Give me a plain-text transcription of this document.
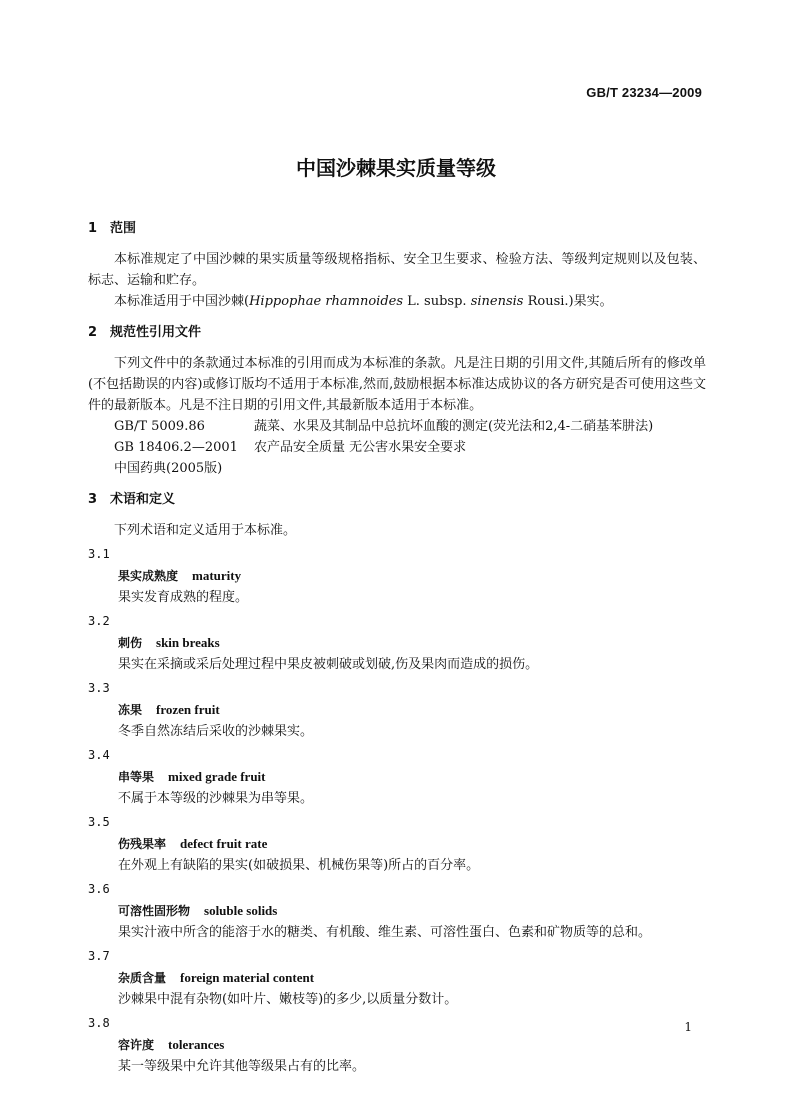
GB/T 23234—2009
中国沙棘果实质量等级
1 范围

本标准规定了中国沙棘的果实质量等级规格指标、安全卫生要求、检验方法、等级判定规则以及包装、标志、运输和贮存。

本标准适用于中国沙棘(Hippophae rhamnoides L. subsp. sinensis Rousi.)果实。

2 规范性引用文件

下列文件中的条款通过本标准的引用而成为本标准的条款。凡是注日期的引用文件,其随后所有的修改单(不包括勘误的内容)或修订版均不适用于本标准,然而,鼓励根据本标准达成协议的各方研究是否可使用这些文件的最新版本。凡是不注日期的引用文件,其最新版本适用于本标准。

GB/T 5009.86	蔬菜、水果及其制品中总抗坏血酸的测定(荧光法和2,4-二硝基苯肼法)

GB 18406.2—2001 农产品安全质量 无公害水果安全要求

中国药典(2005版)

3 术语和定义

下列术语和定义适用于本标准。

3.1
果实成熟度 maturity

果实发育成熟的程度。

3.2
刺伤 skin breaks

果实在采摘或采后处理过程中果皮被刺破或划破,伤及果肉而造成的损伤。

3.3
冻果 frozen fruit

冬季自然冻结后采收的沙棘果实。

3.4
串等果 mixed grade fruit

不属于本等级的沙棘果为串等果。

3.5
伤残果率 defect fruit rate

在外观上有缺陷的果实(如破损果、机械伤果等)所占的百分率。

3.6
可溶性固形物 soluble solids

果实汁液中所含的能溶于水的糖类、有机酸、维生素、可溶性蛋白、色素和矿物质等的总和。

3.7
杂质含量 foreign material content

沙棘果中混有杂物(如叶片、嫩枝等)的多少,以质量分数计。

3.8
容许度 tolerances

某一等级果中允许其他等级果占有的比率。

1
